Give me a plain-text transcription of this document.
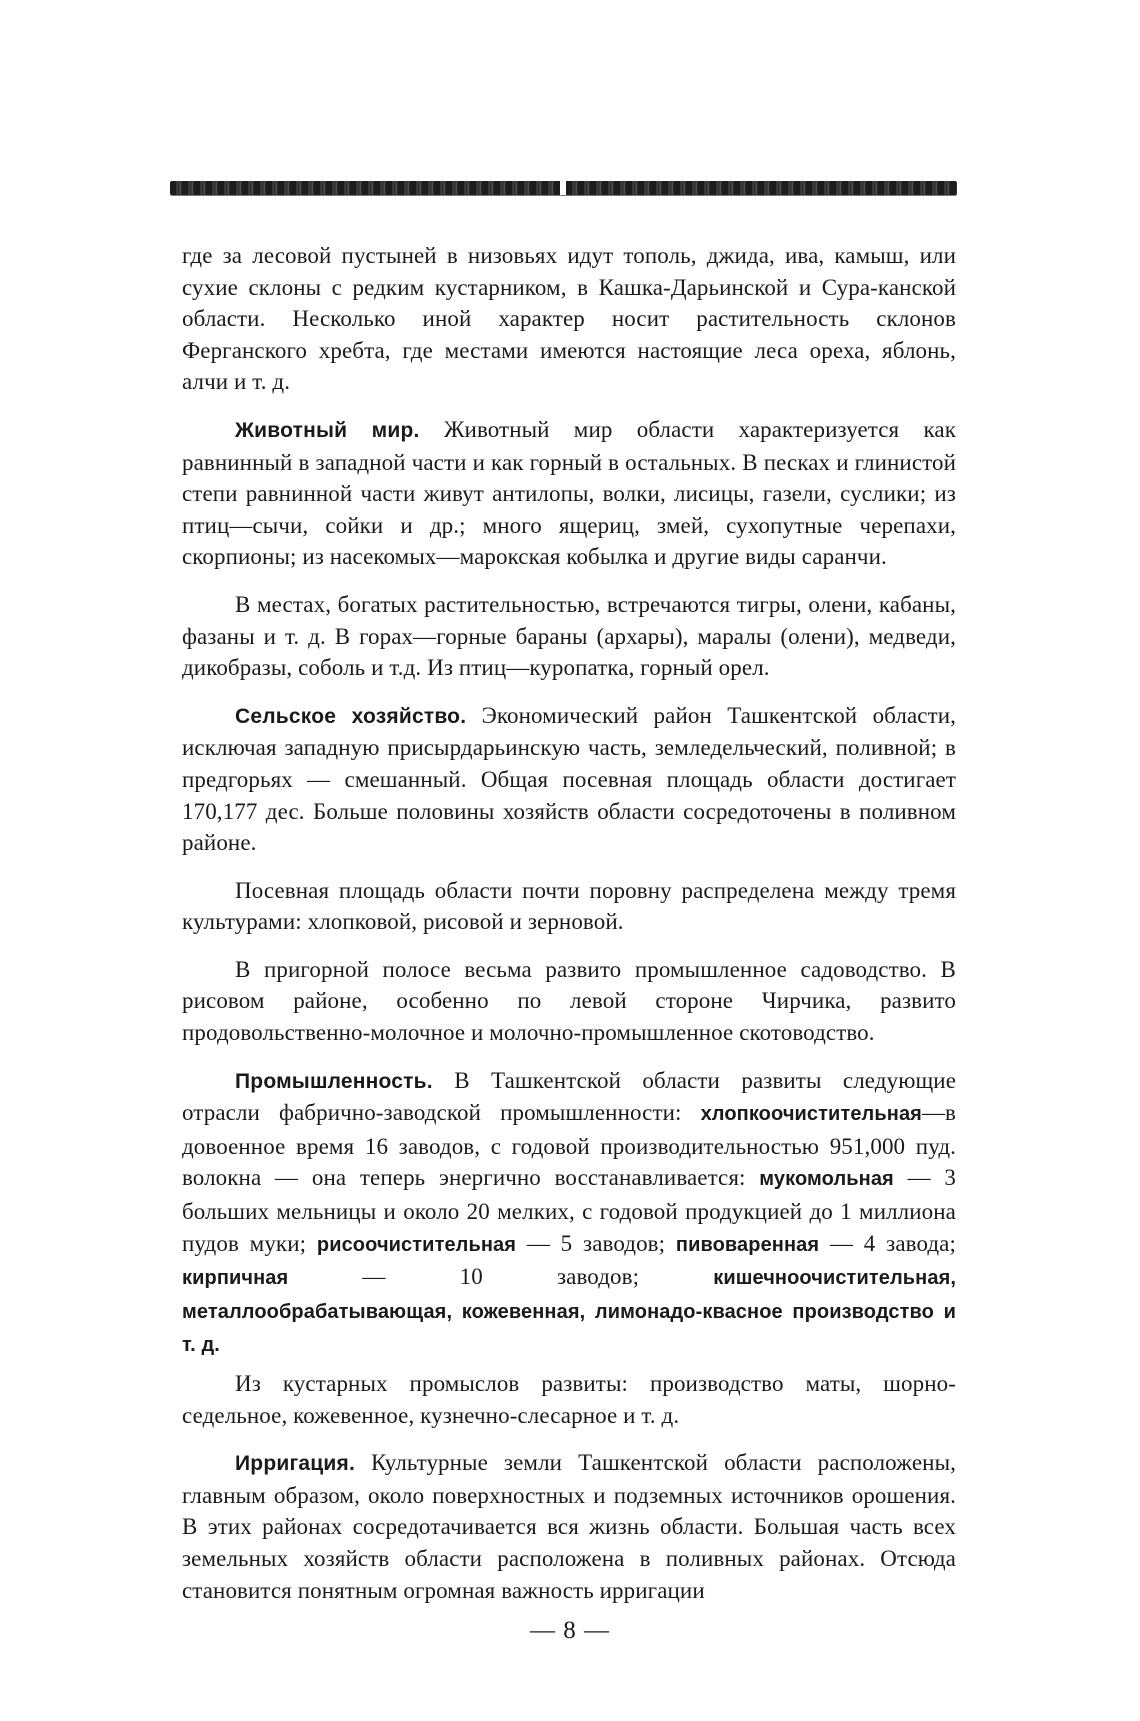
где за лесовой пустыней в низовьях идут тополь, джида, ива, камыш, или сухие склоны с редким кустарником, в Кашка-Дарьинской и Сура-канской области. Несколько иной характер носит растительность склонов Ферганского хребта, где местами имеются настоящие леса ореха, яблонь, алчи и т. д.

Животный мир. Животный мир области характеризуется как равнинный в западной части и как горный в остальных. В песках и глинистой степи равнинной части живут антилопы, волки, лисицы, газели, суслики; из птиц—сычи, сойки и др.; много ящериц, змей, сухопутные черепахи, скорпионы; из насекомых—марокская кобылка и другие виды саранчи.

В местах, богатых растительностью, встречаются тигры, олени, кабаны, фазаны и т. д. В горах—горные бараны (архары), маралы (олени), медведи, дикобразы, соболь и т.д. Из птиц—куропатка, горный орел.

Сельское хозяйство. Экономический район Ташкентской области, исключая западную присырдарьинскую часть, земледельческий, поливной; в предгорьях — смешанный. Общая посевная площадь области достигает 170,177 дес. Больше половины хозяйств области сосредоточены в поливном районе.

Посевная площадь области почти поровну распределена между тремя культурами: хлопковой, рисовой и зерновой.

В пригорной полосе весьма развито промышленное садоводство. В рисовом районе, особенно по левой стороне Чирчика, развито продовольственно-молочное и молочно-промышленное скотоводство.

Промышленность. В Ташкентской области развиты следующие отрасли фабрично-заводской промышленности: хлопкоочистительная—в довоенное время 16 заводов, с годовой производительностью 951,000 пуд. волокна — она теперь энергично восстанавливается: мукомольная — 3 больших мельницы и около 20 мелких, с годовой продукцией до 1 миллиона пудов муки; рисоочистительная — 5 заводов; пивоваренная — 4 завода; кирпичная — 10 заводов; кишечноочистительная, металлообрабатывающая, кожевенная, лимонадо-квасное производство и т. д.

Из кустарных промыслов развиты: производство маты, шорно-седельное, кожевенное, кузнечно-слесарное и т. д.

Ирригация. Культурные земли Ташкентской области расположены, главным образом, около поверхностных и подземных источников орошения. В этих районах сосредотачивается вся жизнь области. Большая часть всех земельных хозяйств области расположена в поливных районах. Отсюда становится понятным огромная важность ирригации

— 8 —
